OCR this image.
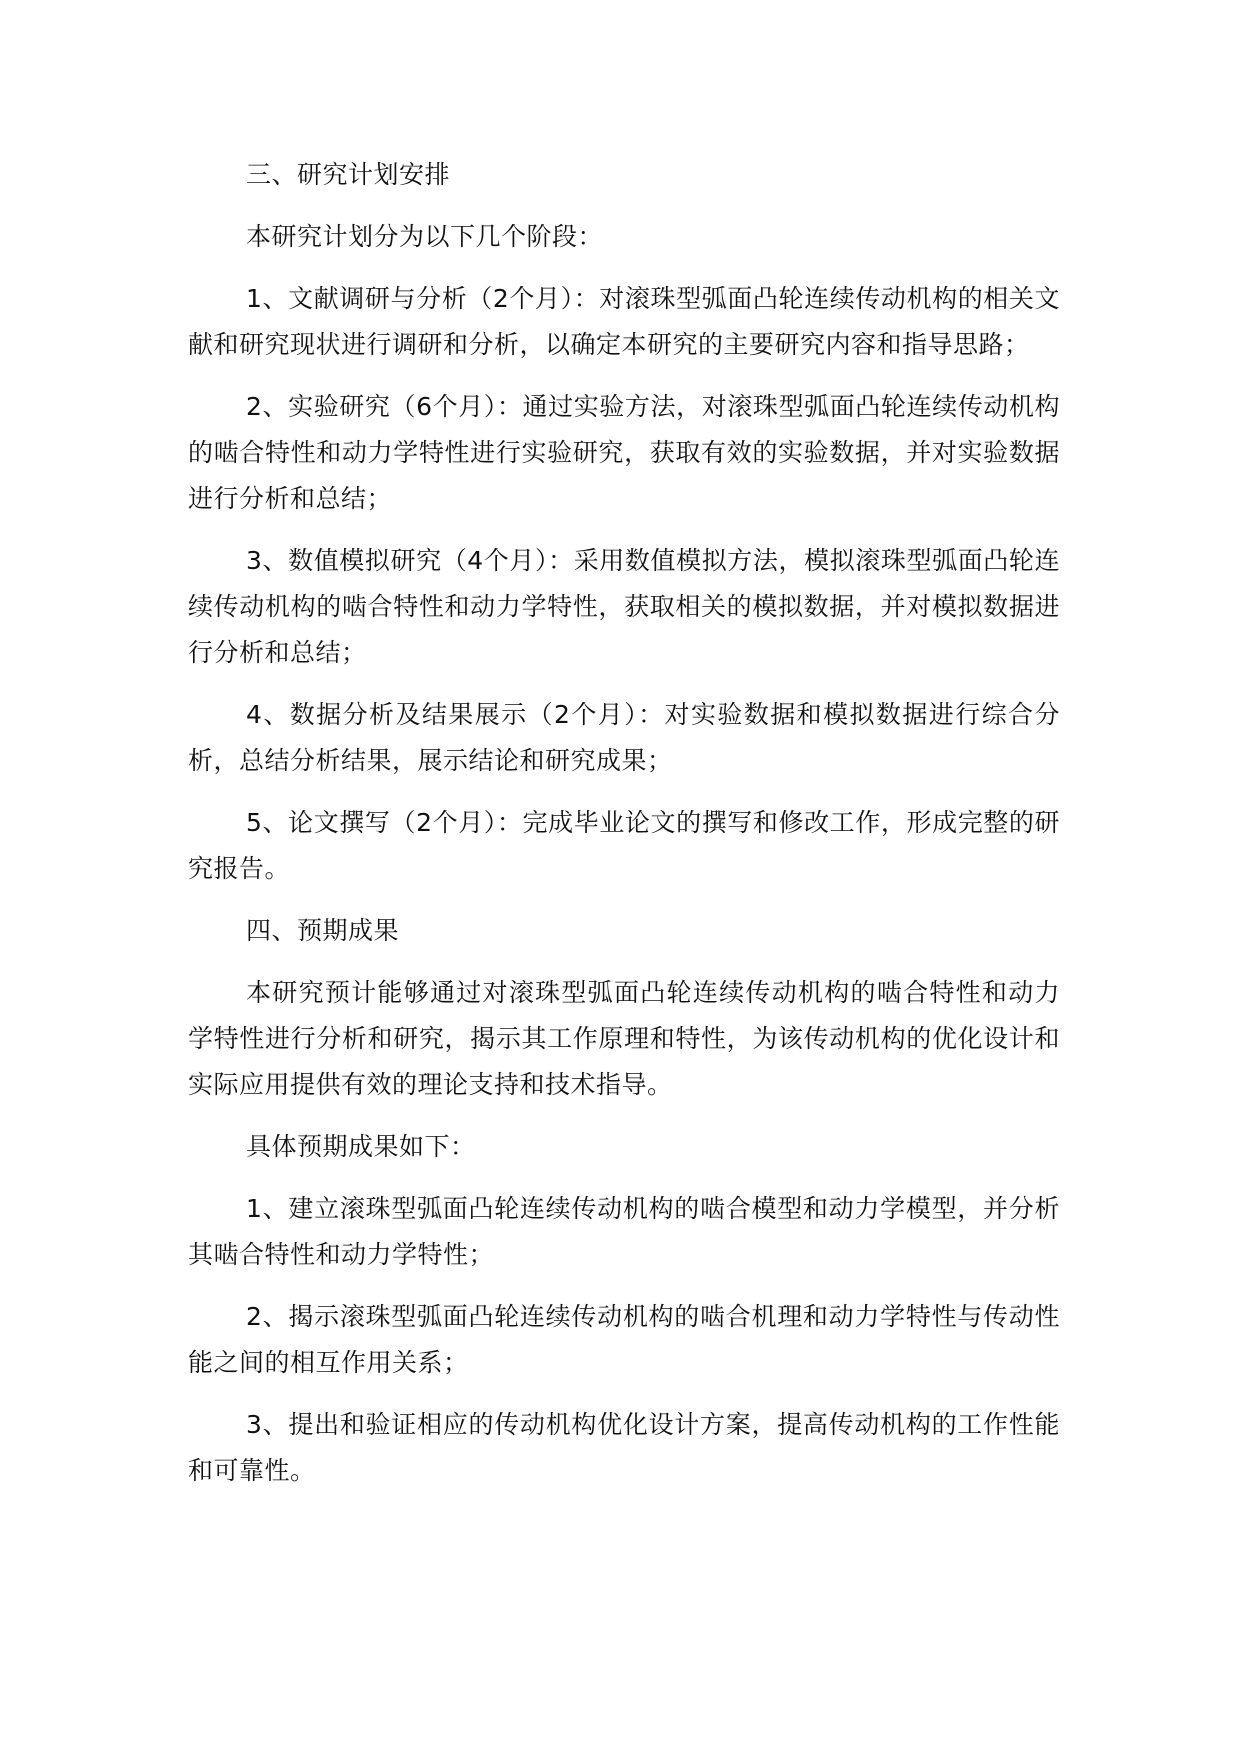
三、研究计划安排

本研究计划分为以下几个阶段：

1、文献调研与分析（2个月）：对滚珠型弧面凸轮连续传动机构的相关文献和研究现状进行调研和分析，以确定本研究的主要研究内容和指导思路；

2、实验研究（6个月）：通过实验方法，对滚珠型弧面凸轮连续传动机构的啮合特性和动力学特性进行实验研究，获取有效的实验数据，并对实验数据进行分析和总结；

3、数值模拟研究（4个月）：采用数值模拟方法，模拟滚珠型弧面凸轮连续传动机构的啮合特性和动力学特性，获取相关的模拟数据，并对模拟数据进行分析和总结；

4、数据分析及结果展示（2个月）：对实验数据和模拟数据进行综合分析，总结分析结果，展示结论和研究成果；

5、论文撰写（2个月）：完成毕业论文的撰写和修改工作，形成完整的研究报告。

四、预期成果

本研究预计能够通过对滚珠型弧面凸轮连续传动机构的啮合特性和动力学特性进行分析和研究，揭示其工作原理和特性，为该传动机构的优化设计和实际应用提供有效的理论支持和技术指导。

具体预期成果如下：

1、建立滚珠型弧面凸轮连续传动机构的啮合模型和动力学模型，并分析其啮合特性和动力学特性；

2、揭示滚珠型弧面凸轮连续传动机构的啮合机理和动力学特性与传动性能之间的相互作用关系；

3、提出和验证相应的传动机构优化设计方案，提高传动机构的工作性能和可靠性。
